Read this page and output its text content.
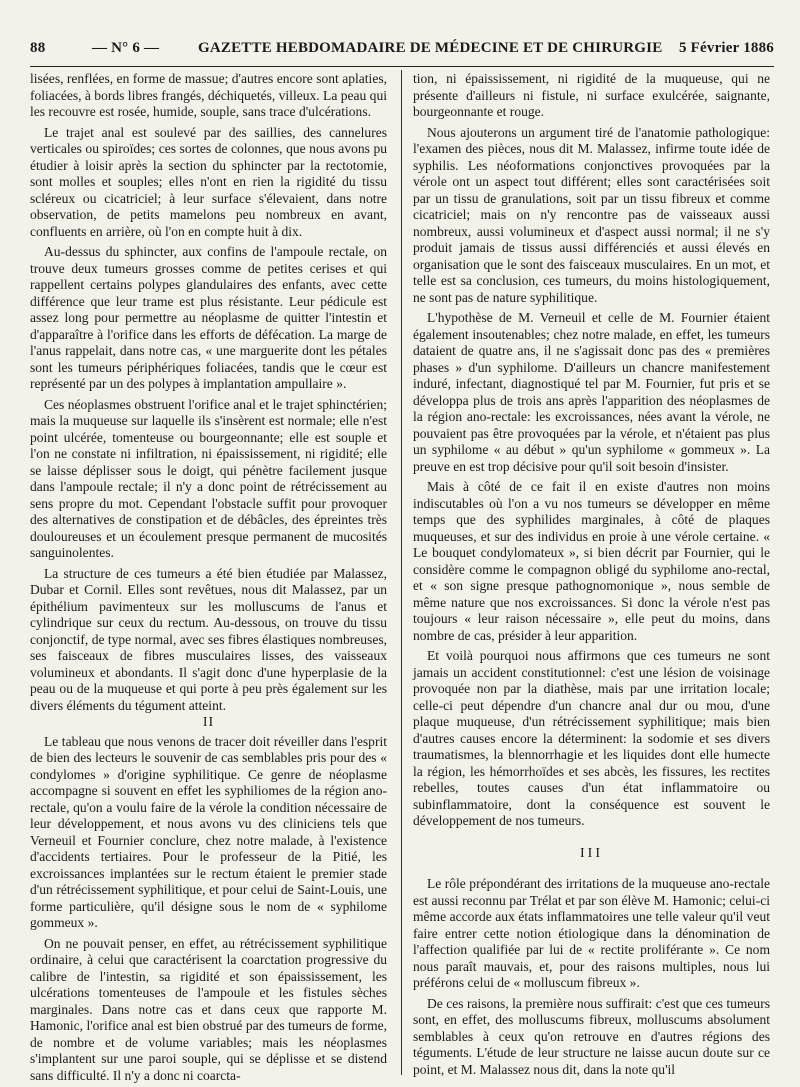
88	— N° 6 —	GAZETTE HEBDOMADAIRE DE MÉDECINE ET DE CHIRURGIE 5 Février 1886

lisées, renflées, en forme de massue; d'autres encore sont aplaties, foliacées, à bords libres frangés, déchiquetés, villeux. La peau qui les recouvre est rosée, humide, souple, sans trace d'ulcérations.

Le trajet anal est soulevé par des saillies, des cannelures verticales ou spiroïdes; ces sortes de colonnes, que nous avons pu étudier à loisir après la section du sphincter par la rectotomie, sont molles et souples; elles n'ont en rien la rigidité du tissu scléreux ou cicatriciel; à leur surface s'élevaient, dans notre observation, de petits mamelons peu nombreux en avant, confluents en arrière, où l'on en compte huit à dix.

Au-dessus du sphincter, aux confins de l'ampoule rectale, on trouve deux tumeurs grosses comme de petites cerises et qui rappellent certains polypes glandulaires des enfants, avec cette différence que leur trame est plus résistante. Leur pédicule est assez long pour permettre au néoplasme de quitter l'intestin et d'apparaître à l'orifice dans les efforts de défécation. La marge de l'anus rappelait, dans notre cas, « une marguerite dont les pétales sont les tumeurs périphériques foliacées, tandis que le cœur est représenté par un des polypes à implantation ampullaire ».

Ces néoplasmes obstruent l'orifice anal et le trajet sphinctérien; mais la muqueuse sur laquelle ils s'insèrent est normale; elle n'est point ulcérée, tomenteuse ou bourgeonnante; elle est souple et l'on ne constate ni infiltration, ni épaississement, ni rigidité; elle se laisse déplisser sous le doigt, qui pénètre facilement jusque dans l'ampoule rectale; il n'y a donc point de rétrécissement au sens propre du mot. Cependant l'obstacle suffit pour provoquer des alternatives de constipation et de débâcles, des épreintes très douloureuses et un écoulement presque permanent de mucosités sanguinolentes.

La structure de ces tumeurs a été bien étudiée par Malassez, Dubar et Cornil. Elles sont revêtues, nous dit Malassez, par un épithélium pavimenteux sur les molluscums de l'anus et cylindrique sur ceux du rectum. Au-dessous, on trouve du tissu conjonctif, de type normal, avec ses fibres élastiques nombreuses, ses faisceaux de fibres musculaires lisses, des vaisseaux volumineux et abondants. Il s'agit donc d'une hyperplasie de la peau ou de la muqueuse et qui porte à peu près également sur les divers éléments du tégument atteint.

II

Le tableau que nous venons de tracer doit réveiller dans l'esprit de bien des lecteurs le souvenir de cas semblables pris pour des « condylomes » d'origine syphilitique. Ce genre de néoplasme accompagne si souvent en effet les syphiliomes de la région ano-rectale, qu'on a voulu faire de la vérole la condition nécessaire de leur développement, et nous avons vu des cliniciens tels que Verneuil et Fournier conclure, chez notre malade, à l'existence d'accidents tertiaires. Pour le professeur de la Pitié, les excroissances implantées sur le rectum étaient le premier stade d'un rétrécissement syphilitique, et pour celui de Saint-Louis, une forme particulière, qu'il désigne sous le nom de « syphilome gommeux ».

On ne pouvait penser, en effet, au rétrécissement syphilitique ordinaire, à celui que caractérisent la coarctation progressive du calibre de l'intestin, sa rigidité et son épaississement, les ulcérations tomenteuses de l'ampoule et les fistules sèches marginales. Dans notre cas et dans ceux que rapporte M. Hamonic, l'orifice anal est bien obstrué par des tumeurs de forme, de nombre et de volume variables; mais les néoplasmes s'implantent sur une paroi souple, qui se déplisse et se distend sans difficulté. Il n'y a donc ni coarcta-

tion, ni épaississement, ni rigidité de la muqueuse, qui ne présente d'ailleurs ni fistule, ni surface exulcérée, saignante, bourgeonnante et rouge.

Nous ajouterons un argument tiré de l'anatomie pathologique: l'examen des pièces, nous dit M. Malassez, infirme toute idée de syphilis. Les néoformations conjonctives provoquées par la vérole ont un aspect tout différent; elles sont caractérisées soit par un tissu de granulations, soit par un tissu fibreux et comme cicatriciel; mais on n'y rencontre pas de vaisseaux aussi nombreux, aussi volumineux et d'aspect aussi normal; il ne s'y produit jamais de tissus aussi différenciés et aussi élevés en organisation que le sont des faisceaux musculaires. En un mot, et telle est sa conclusion, ces tumeurs, du moins histologiquement, ne sont pas de nature syphilitique.

L'hypothèse de M. Verneuil et celle de M. Fournier étaient également insoutenables; chez notre malade, en effet, les tumeurs dataient de quatre ans, il ne s'agissait donc pas des « premières phases » d'un syphilome. D'ailleurs un chancre manifestement induré, infectant, diagnostiqué tel par M. Fournier, fut pris et se développa plus de trois ans après l'apparition des néoplasmes de la région ano-rectale: les excroissances, nées avant la vérole, ne pouvaient pas être provoquées par la vérole, et n'étaient pas plus un syphilome « au début » qu'un syphilome « gommeux ». La preuve en est trop décisive pour qu'il soit besoin d'insister.

Mais à côté de ce fait il en existe d'autres non moins indiscutables où l'on a vu nos tumeurs se développer en même temps que des syphilides marginales, à côté de plaques muqueuses, et sur des individus en proie à une vérole certaine. « Le bouquet condylomateux », si bien décrit par Fournier, qui le considère comme le compagnon obligé du syphilome ano-rectal, et « son signe presque pathognomonique », nous semble de même nature que nos excroissances. Si donc la vérole n'est pas toujours « leur raison nécessaire », elle peut du moins, dans nombre de cas, présider à leur apparition.

Et voilà pourquoi nous affirmons que ces tumeurs ne sont jamais un accident constitutionnel: c'est une lésion de voisinage provoquée non par la diathèse, mais par une irritation locale; celle-ci peut dépendre d'un chancre anal dur ou mou, d'une plaque muqueuse, d'un rétrécissement syphilitique; mais bien d'autres causes encore la déterminent: la sodomie et ses divers traumatismes, la blennorrhagie et les liquides dont elle humecte la région, les hémorrhoïdes et ses abcès, les fissures, les rectites rebelles, toutes causes d'un état inflammatoire ou subinflammatoire, dont la conséquence est souvent le développement de nos tumeurs.

III

Le rôle prépondérant des irritations de la muqueuse ano-rectale est aussi reconnu par Trélat et par son élève M. Hamonic; celui-ci même accorde aux états inflammatoires une telle valeur qu'il veut faire entrer cette notion étiologique dans la dénomination de l'affection qualifiée par lui de « rectite proliférante ». Ce nom nous paraît mauvais, et, pour des raisons multiples, nous lui préférons celui de « molluscum fibreux ».

De ces raisons, la première nous suffirait: c'est que ces tumeurs sont, en effet, des molluscums fibreux, molluscums absolument semblables à ceux qu'on retrouve en d'autres régions des téguments. L'étude de leur structure ne laisse aucun doute sur ce point, et M. Malassez nous dit, dans la note qu'il
